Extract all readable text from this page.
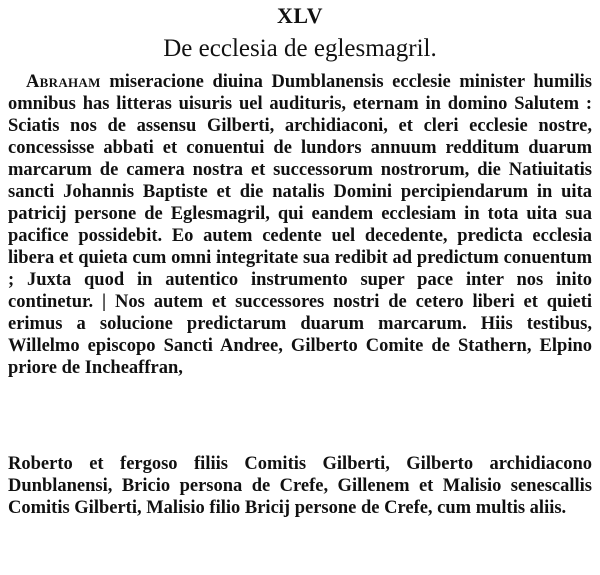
XLV
De ecclesia de eglesmagril.

Abraham miseracione diuina Dumblanensis ecclesie minister humilis omnibus has litteras uisuris uel audituris, eternam in domino Salutem : Sciatis nos de assensu Gilberti, archidiaconi, et cleri ecclesie nostre, concessisse abbati et conuentui de lundors annuum redditum duarum marcarum de camera nostra et successorum nostrorum, die Natiuitatis sancti Johannis Baptiste et die natalis Domini percipiendarum in uita patricij persone de Eglesmagril, qui eandem ecclesiam in tota uita sua pacifice possidebit. Eo autem cedente uel decedente, predicta ecclesia libera et quieta cum omni integritate sua redibit ad predictum conuentum ; Juxta quod in autentico instrumento super pace inter nos inito continetur. | Nos autem et successores nostri de cetero liberi et quieti erimus a solucione predictarum duarum marcarum. Hiis testibus, Willelmo episcopo Sancti Andree, Gilberto Comite de Stathern, Elpino priore de Incheaffran,

Roberto et fergoso filiis Comitis Gilberti, Gilberto archidiacono Dunblanensi, Bricio persona de Crefe, Gillenem et Malisio senescallis Comitis Gilberti, Malisio filio Bricij persone de Crefe, cum multis aliis.
